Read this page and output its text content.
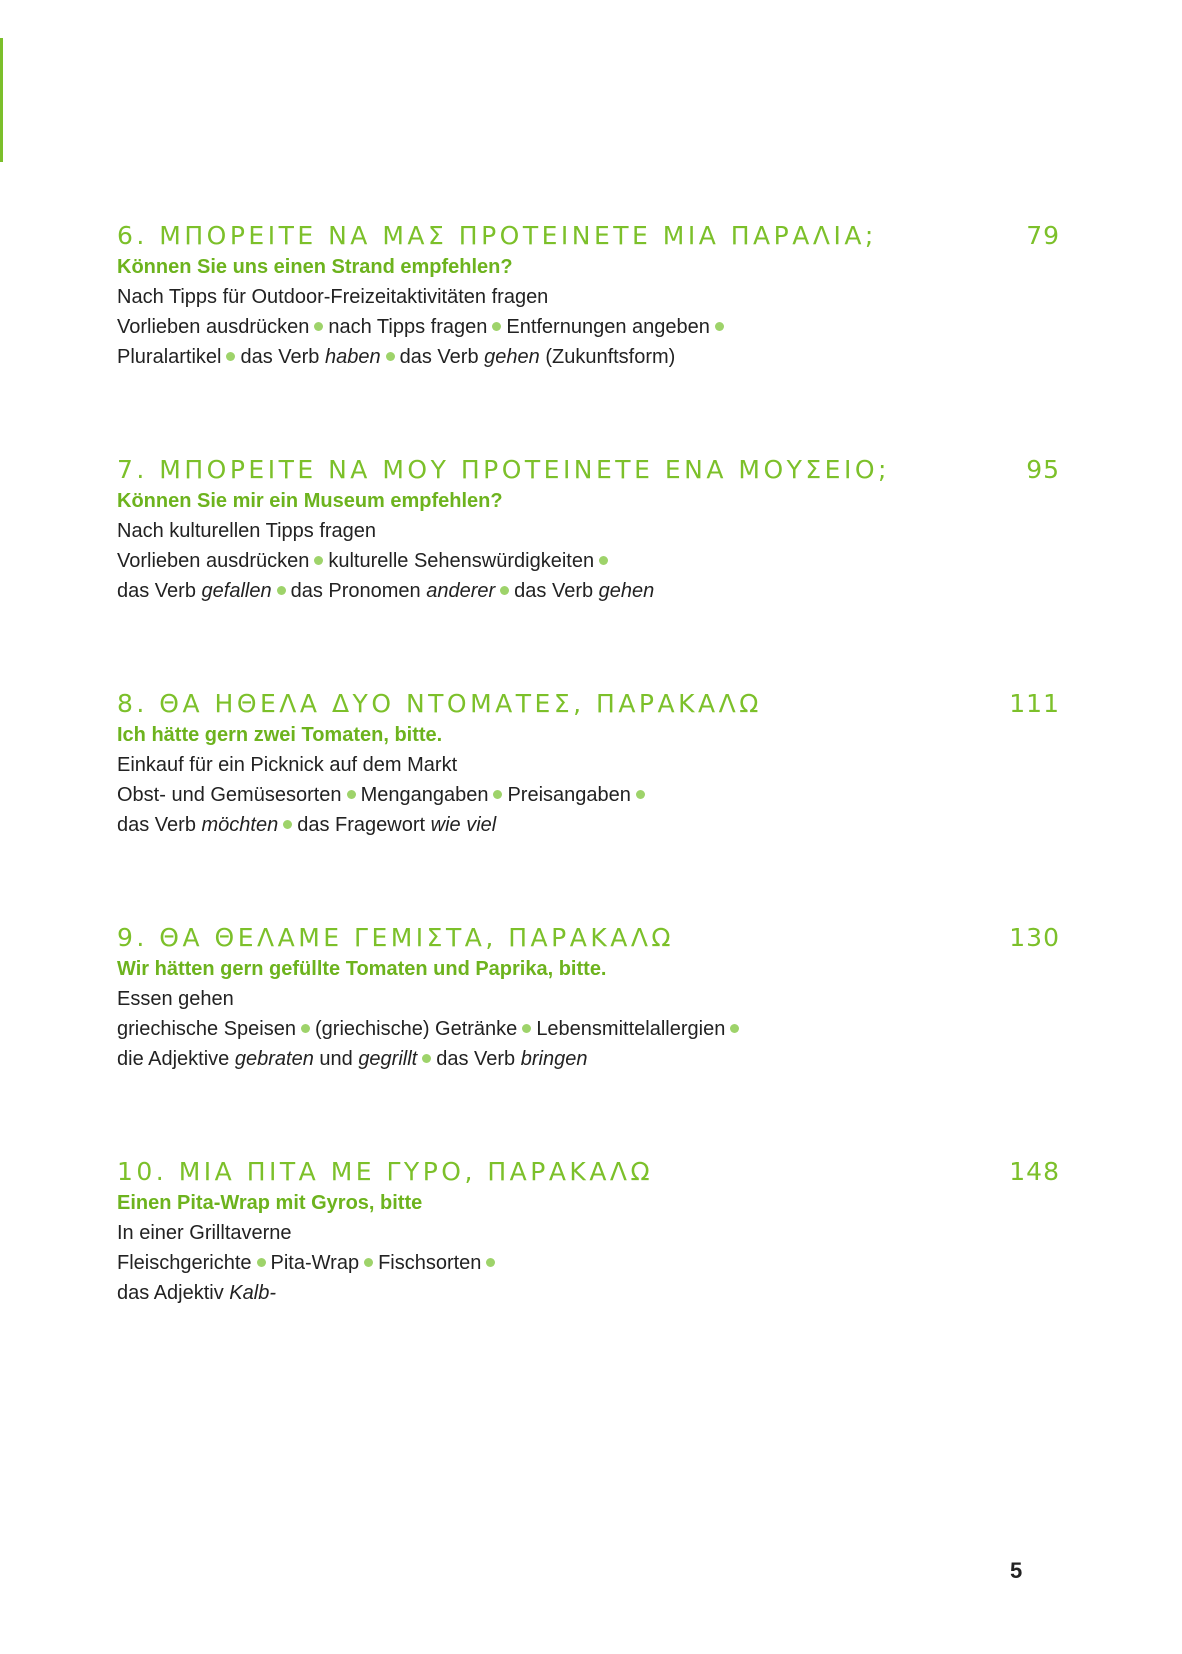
6. ΜΠΟΡΕΙΤΕ ΝΑ ΜΑΣ ΠΡΟΤΕΙΝΕΤΕ ΜΙΑ ΠΑΡΑΛΙΑ;	79
Können Sie uns einen Strand empfehlen?
Nach Tipps für Outdoor-Freizeitaktivitäten fragen
Vorlieben ausdrücken nach Tipps fragen Entfernungen angeben
Pluralartikel das Verb haben das Verb gehen (Zukunftsform)
7. ΜΠΟΡΕΙΤΕ ΝΑ ΜΟΥ ΠΡΟΤΕΙΝΕΤΕ ΕΝΑ ΜΟΥΣΕΙΟ;	95
Können Sie mir ein Museum empfehlen?
Nach kulturellen Tipps fragen
Vorlieben ausdrücken kulturelle Sehenswürdigkeiten
das Verb gefallen das Pronomen anderer das Verb gehen
8. ΘΑ ΗΘΕΛΑ ΔΥΟ ΝΤΟΜΑΤΕΣ, ΠΑΡΑΚΑΛΩ	111
Ich hätte gern zwei Tomaten, bitte.
Einkauf für ein Picknick auf dem Markt
Obst- und Gemüsesorten Mengangaben Preisangaben
das Verb möchten das Fragewort wie viel
9. ΘΑ ΘΕΛΑΜΕ ΓΕΜΙΣΤΑ, ΠΑΡΑΚΑΛΩ	130
Wir hätten gern gefüllte Tomaten und Paprika, bitte.
Essen gehen
griechische Speisen (griechische) Getränke Lebensmittelallergien
die Adjektive gebraten und gegrillt das Verb bringen
10. ΜΙΑ ΠΙΤΑ ΜΕ ΓΥΡΟ, ΠΑΡΑΚΑΛΩ	148
Einen Pita-Wrap mit Gyros, bitte
In einer Grilltaverne
Fleischgerichte Pita-Wrap Fischsorten
das Adjektiv Kalb-
5
